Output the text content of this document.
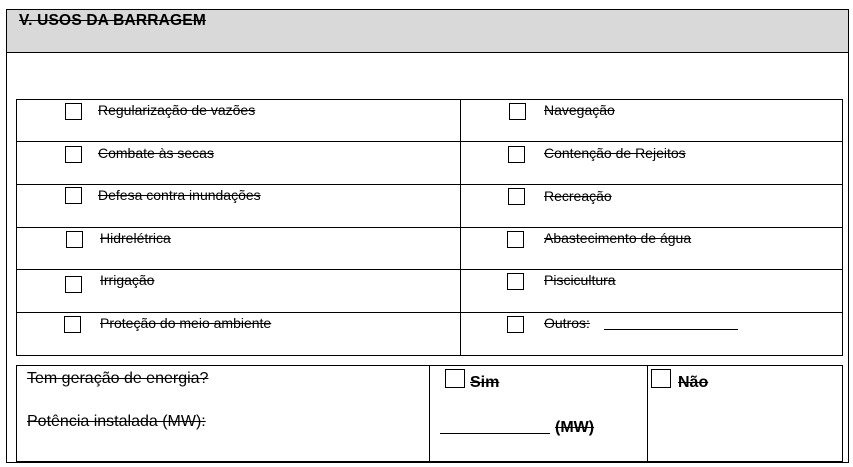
V. USOS DA BARRAGEM
Regularização de vazões
Combate às secas
Defesa contra inundações
Hidrelétrica
Irrigação
Proteção do meio ambiente
Navegação
Contenção de Rejeitos
Recreação
Abastecimento de água
Piscicultura
Outros:
Tem geração de energia?
Potência instalada (MW):
Sim	Não
(MW)
